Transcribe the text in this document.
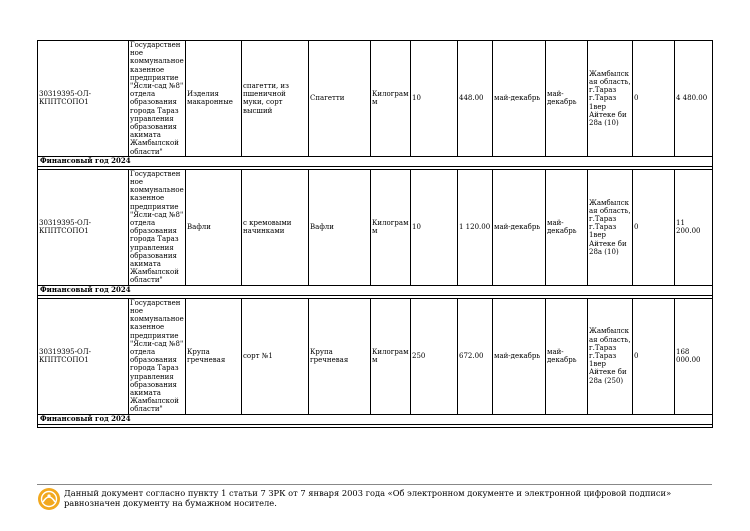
30319395-ОЛ-КППТСОПО1	Государственное коммунальное казенное предприятие "Ясли-сад №8" отдела образования города Тараз управления образования акимата Жамбылской области"	Изделия макаронные	спагетти, из пшеничной муки, сорт высший	Спагетти	Килограмм	10	448.00	май-декабрь	май-декабрь	Жамбылская область, г.Тараз г.Тараз 1вер Айтеке би 28а (10)	0	4 480.00
Финансовый год 2024												

30319395-ОЛ-КППТСОПО1	Государственное коммунальное казенное предприятие "Ясли-сад №8" отдела образования города Тараз управления образования акимата Жамбылской области"	Вафли	с кремовыми начинками	Вафли	Килограмм	10	1 120.00	май-декабрь	май-декабрь	Жамбылская область, г.Тараз г.Тараз 1вер Айтеке би 28а (10)	0	11 200.00
Финансовый год 2024												

30319395-ОЛ-КППТСОПО1	Государственное коммунальное казенное предприятие "Ясли-сад №8" отдела образования города Тараз управления образования акимата Жамбылской области"	Крупа гречневая	сорт №1	Крупа гречневая	Килограмм	250	672.00	май-декабрь	май-декабрь	Жамбылская область, г.Тараз г.Тараз 1вер Айтеке би 28а (250)	0	168 000.00
Финансовый год 2024												

Данный документ согласно пункту 1 статьи 7 ЗРК от 7 января 2003 года «Об электронном документе и электронной цифровой подписи» равнозначен документу на бумажном носителе.
